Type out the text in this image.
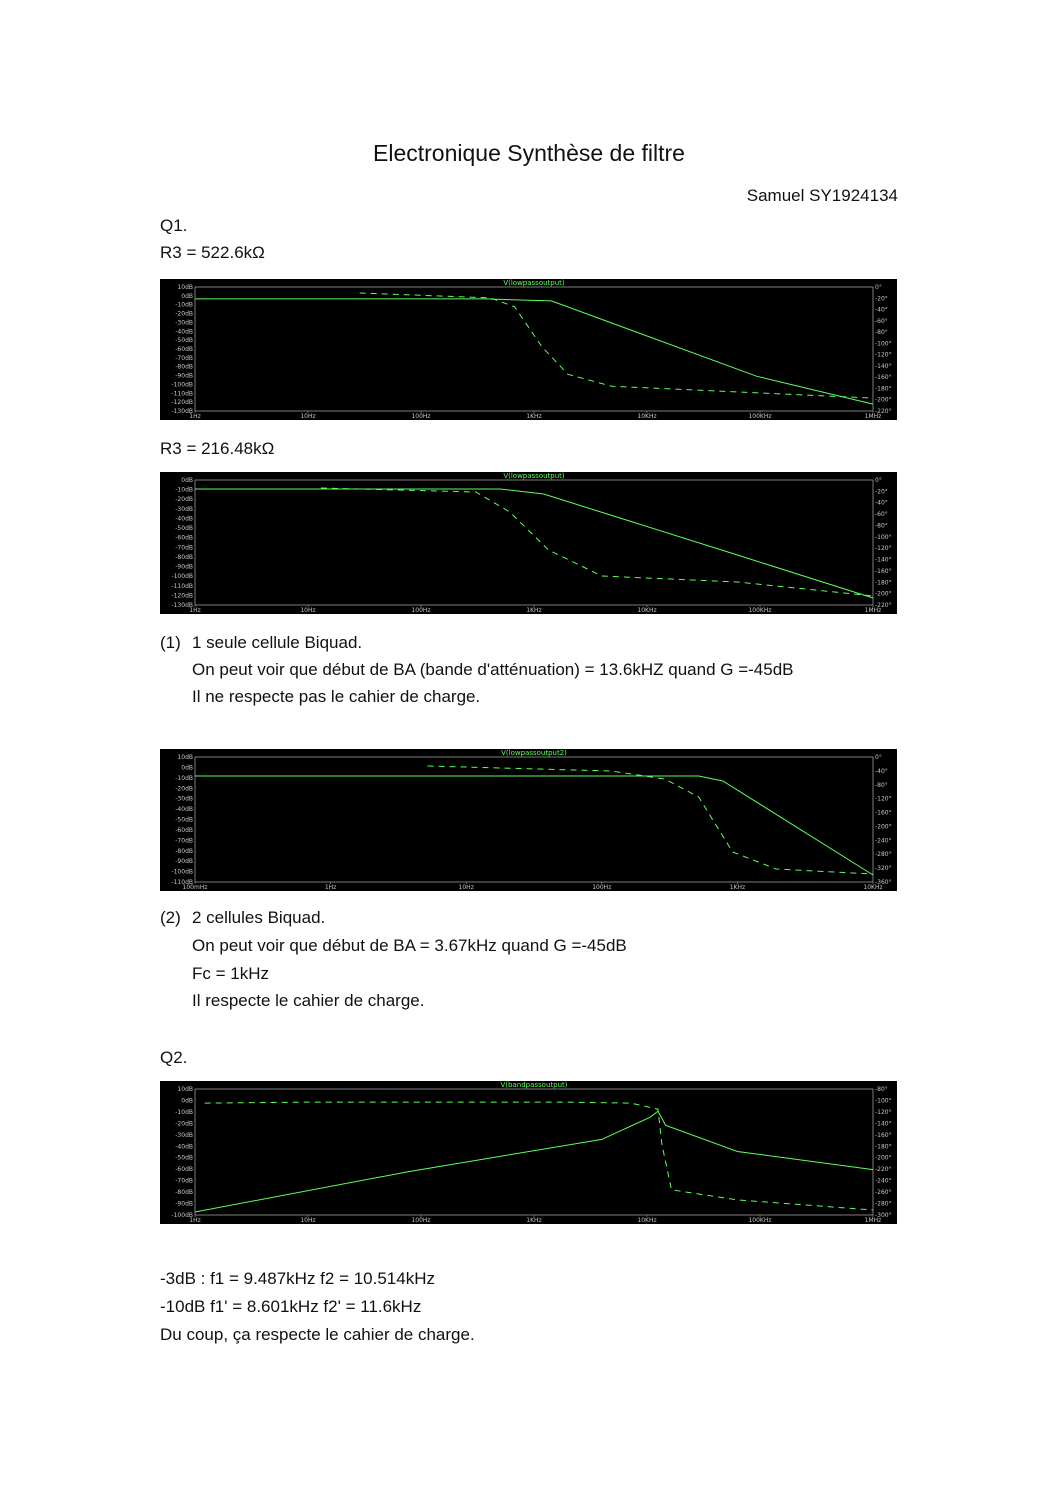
Electronique Synthèse de filtre
Samuel SY1924134
Q1.
R3 = 522.6kΩ
V(lowpassoutput)
10dB
0dB
-10dB
-20dB
-30dB
-40dB
-50dB
-60dB
-70dB
-80dB
-90dB
-100dB
-110dB
-120dB
-130dB
0°
-20°
-40°
-60°
-80°
-100°
-120°
-140°
-160°
-180°
-200°
-220°
1Hz	10Hz	100Hz	1KHz	10KHz	100KHz	1MHz
R3 = 216.48kΩ
V(lowpassoutput)
0dB
-10dB
-20dB
-30dB
-40dB
-50dB
-60dB
-70dB
-80dB
-90dB
-100dB
-110dB
-120dB
-130dB
0°
-20°
-40°
-60°
-80°
-100°
-120°
-140°
-160°
-180°
-200°
-220°
1Hz	10Hz	100Hz	1KHz	10KHz	100KHz	1MHz
(1) 1 seule cellule Biquad.
On peut voir que début de BA (bande d'atténuation) = 13.6kHZ quand G =-45dB
Il ne respecte pas le cahier de charge.
V(lowpassoutput2)
10dB
0dB
-10dB
-20dB
-30dB
-40dB
-50dB
-60dB
-70dB
-80dB
-90dB
-100dB
-110dB
0°
-40°
-80°
-120°
-160°
-200°
-240°
-280°
-320°
-360°
100mHz	1Hz	10Hz	100Hz	1KHz	10KHz
(2) 2 cellules Biquad.
On peut voir que début de BA = 3.67kHz quand G =-45dB
Fc = 1kHz
Il respecte le cahier de charge.
Q2.
V(bandpassoutput)
10dB
0dB
-10dB
-20dB
-30dB
-40dB
-50dB
-60dB
-70dB
-80dB
-90dB
-100dB
-80°
-100°
-120°
-140°
-160°
-180°
-200°
-220°
-240°
-260°
-280°
-300°
1Hz	10Hz	100Hz	1KHz	10KHz	100KHz	1MHz
-3dB : f1 = 9.487kHz f2 = 10.514kHz
-10dB f1' = 8.601kHz f2' = 11.6kHz
Du coup, ça respecte le cahier de charge.
